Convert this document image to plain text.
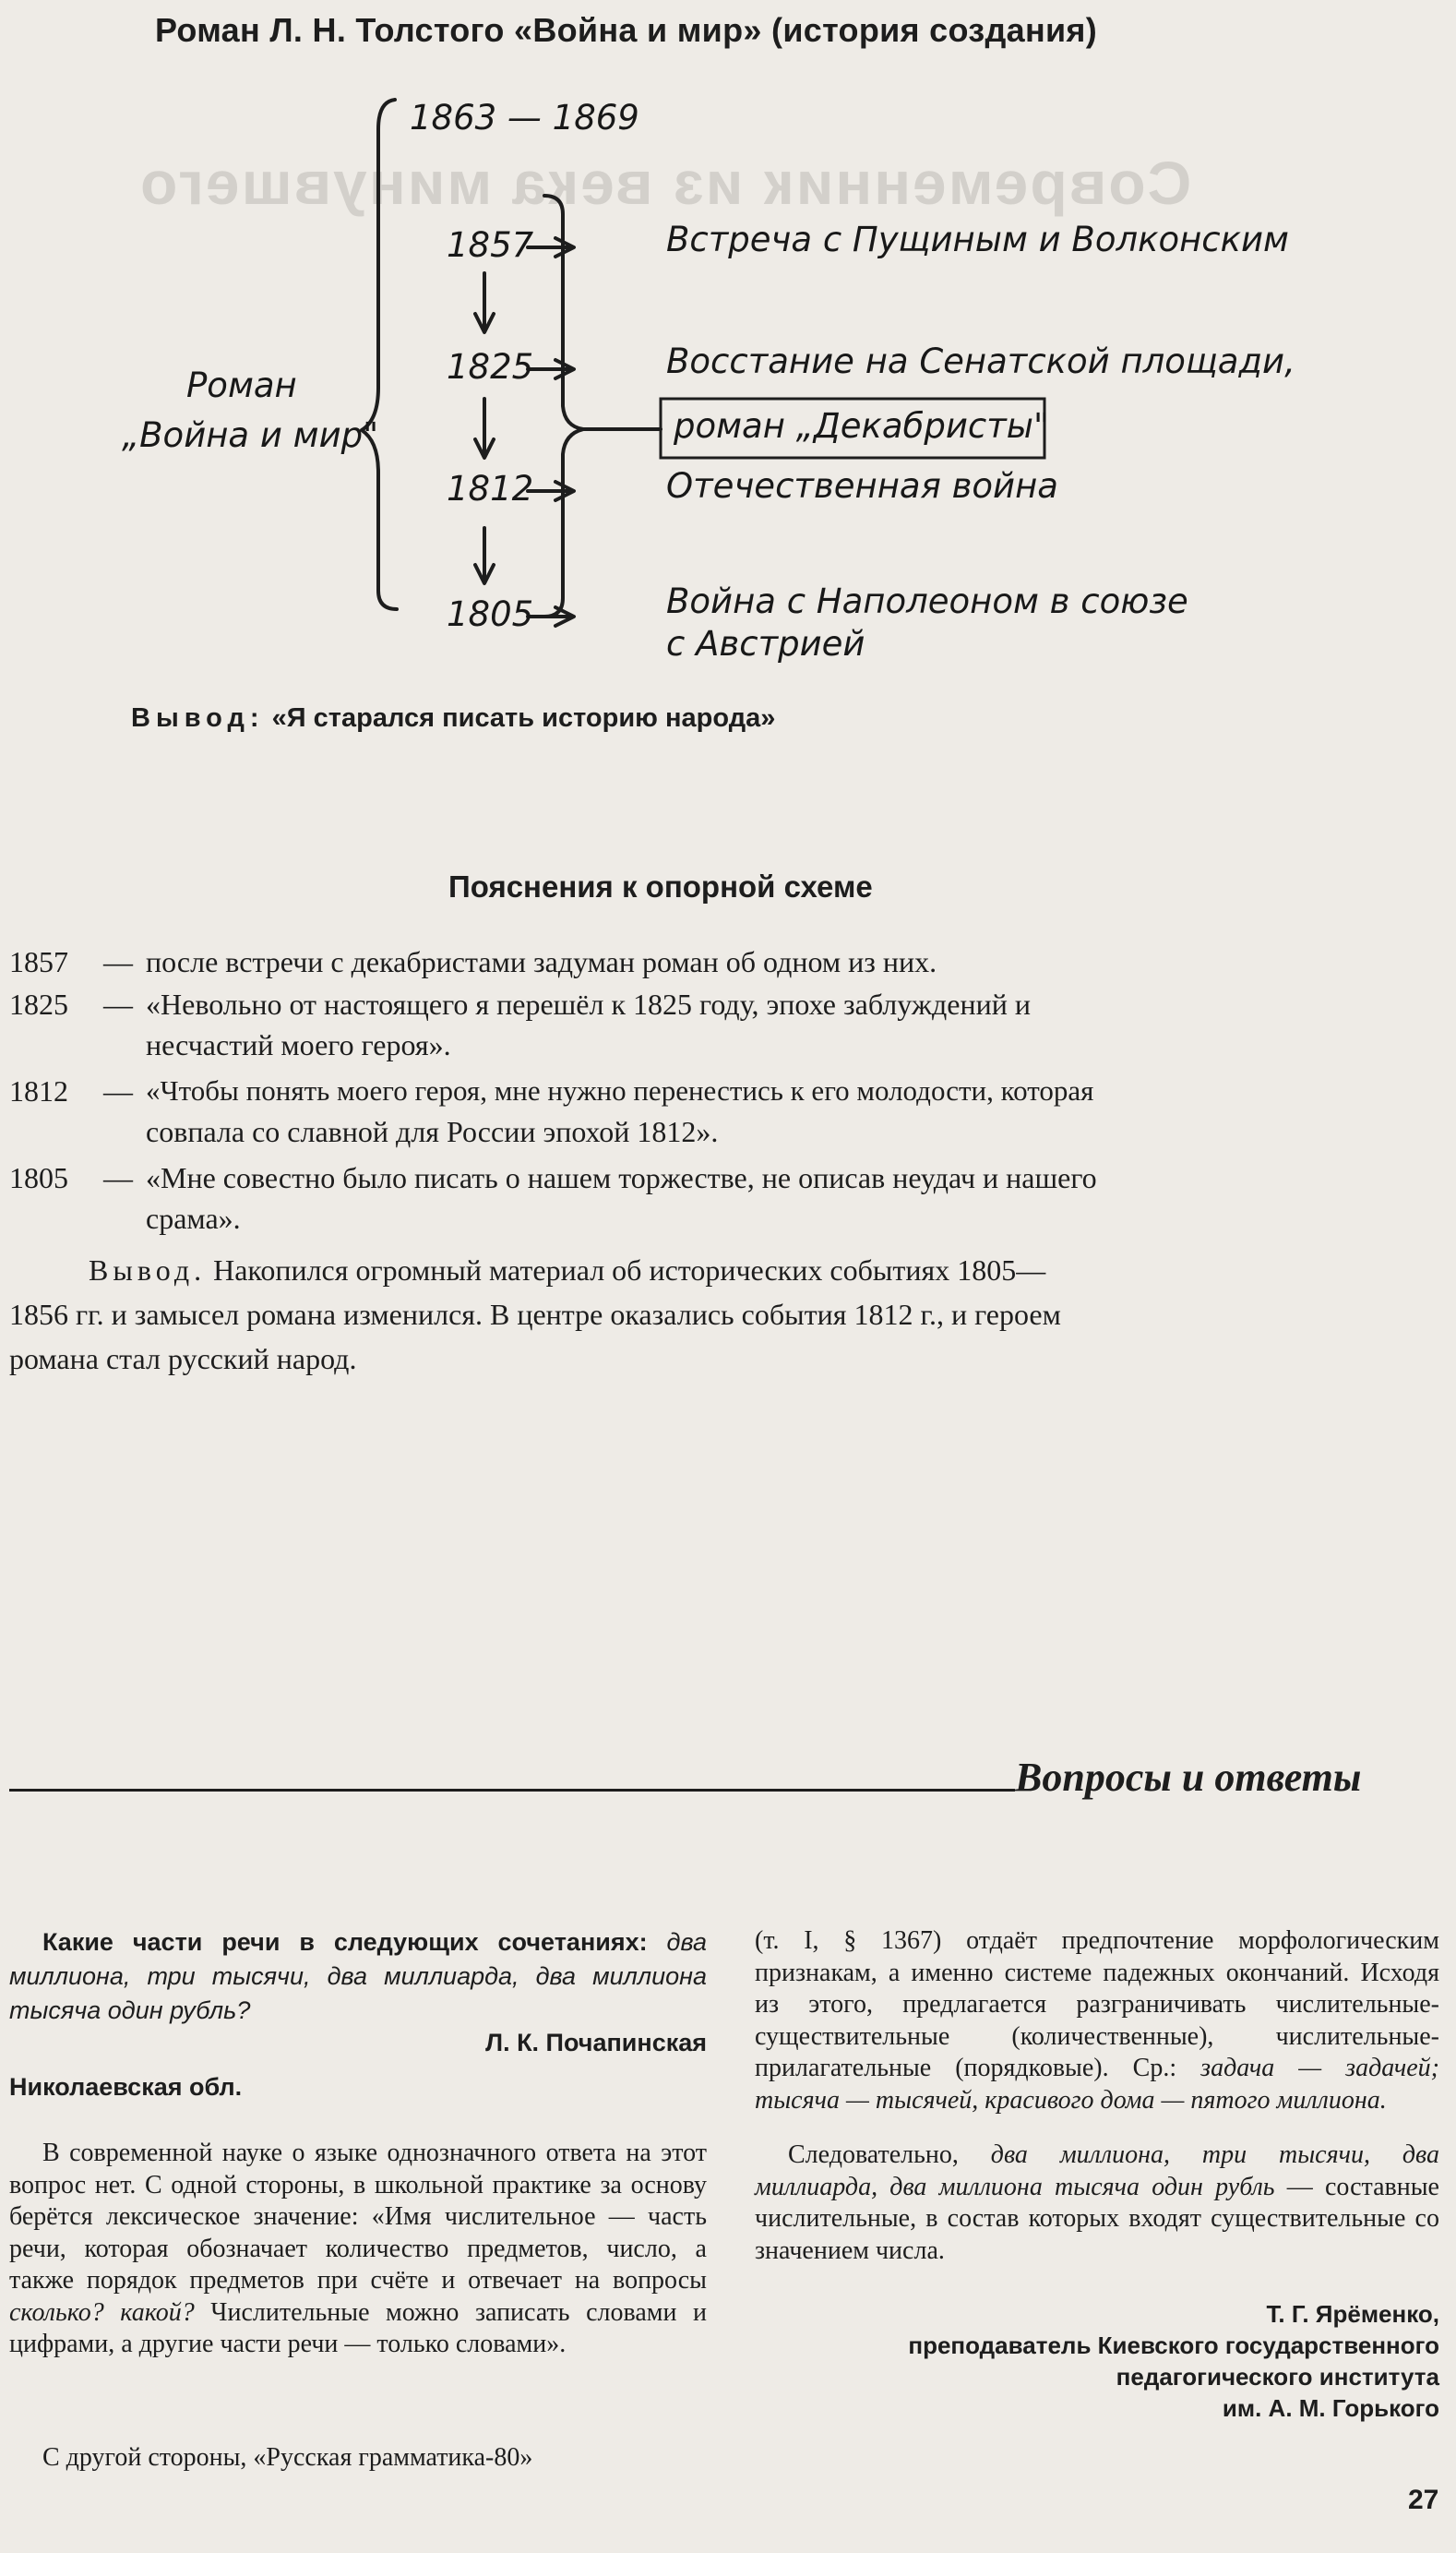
Современник из века минувшего
Роман Л. Н. Толстого «Война и мир» (история создания)
1863 — 1869
Роман
„Война и мир"
1857
1825
1812
1805
Встреча с Пущиным и Волконским
Восстание на Сенатской площади,
роман „Декабристы"
Отечественная война
Война с Наполеоном в союзе
с Австрией
Вывод: «Я старался писать историю народа»
Пояснения к опорной схеме
1857 — после встречи с декабристами задуман роман об одном из них.
1825 — «Невольно от настоящего я перешёл к 1825 году, эпохе заблуждений и
несчастий моего героя».
1812 — «Чтобы понять моего героя, мне нужно перенестись к его молодости, которая
совпала со славной для России эпохой 1812».
1805 — «Мне совестно было писать о нашем торжестве, не описав неудач и нашего
срама».
Вывод. Накопился огромный материал об исторических событиях 1805—
1856 гг. и замысел романа изменился. В центре оказались события 1812 г., и героем
романа стал русский народ.
Вопросы и ответы
Какие части речи в следующих сочетаниях: два миллиона, три тысячи, два миллиарда, два миллиона тысяча один рубль?
Л. К. Почапинская
Николаевская обл.
В современной науке о языке однозначного ответа на этот вопрос нет. С одной стороны, в школьной практике за основу берётся лексическое значение: «Имя числительное — часть речи, которая обозначает количество предметов, число, а также порядок предметов при счёте и отвечает на вопросы сколько? какой? Числительные можно записать словами и цифрами, а другие части речи — только словами».
С другой стороны, «Русская грамматика-80»
(т. I, § 1367) отдаёт предпочтение морфологическим признакам, а именно системе падежных окончаний. Исходя из этого, предлагается разграничивать числительные-существительные (количественные), числительные-прилагательные (порядковые). Ср.: задача — задачей; тысяча — тысячей, красивого дома — пятого миллиона.
Следовательно, два миллиона, три тысячи, два миллиарда, два миллиона тысяча один рубль — составные числительные, в состав которых входят существительные со значением числа.
Т. Г. Ярёменко,
преподаватель Киевского государственного
педагогического института
им. А. М. Горького
27
